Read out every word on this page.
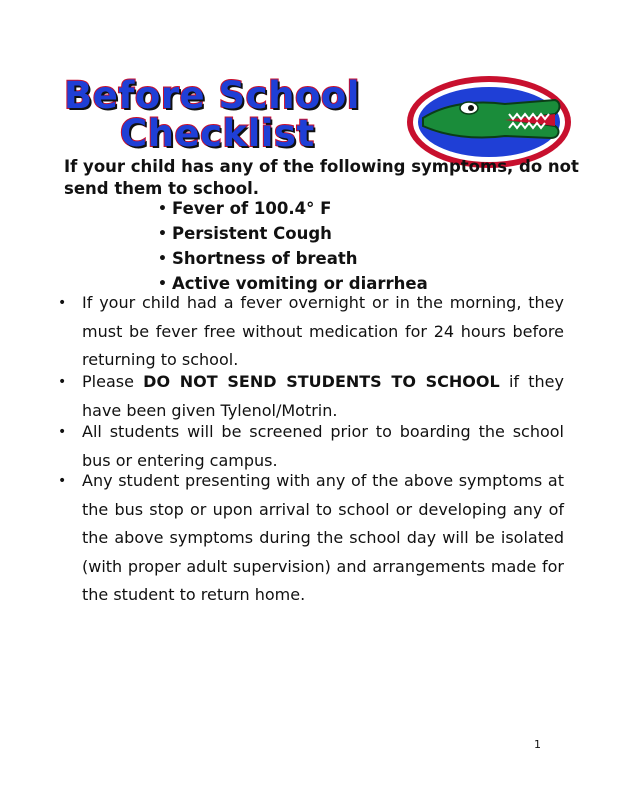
Before School
Checklist
If your child has any of the following symptoms, do not send them to school.
• Fever of 100.4° F
• Persistent Cough
• Shortness of breath
• Active vomiting or diarrhea
• If your child had a fever overnight or in the morning, they must be fever free without medication for 24 hours before returning to school.
• Please DO NOT SEND STUDENTS TO SCHOOL if they have been given Tylenol/Motrin.
• All students will be screened prior to boarding the school bus or entering campus.
• Any student presenting with any of the above symptoms at the bus stop or upon arrival to school or developing any of the above symptoms during the school day will be isolated (with proper adult supervision) and arrangements made for the student to return home.
1
